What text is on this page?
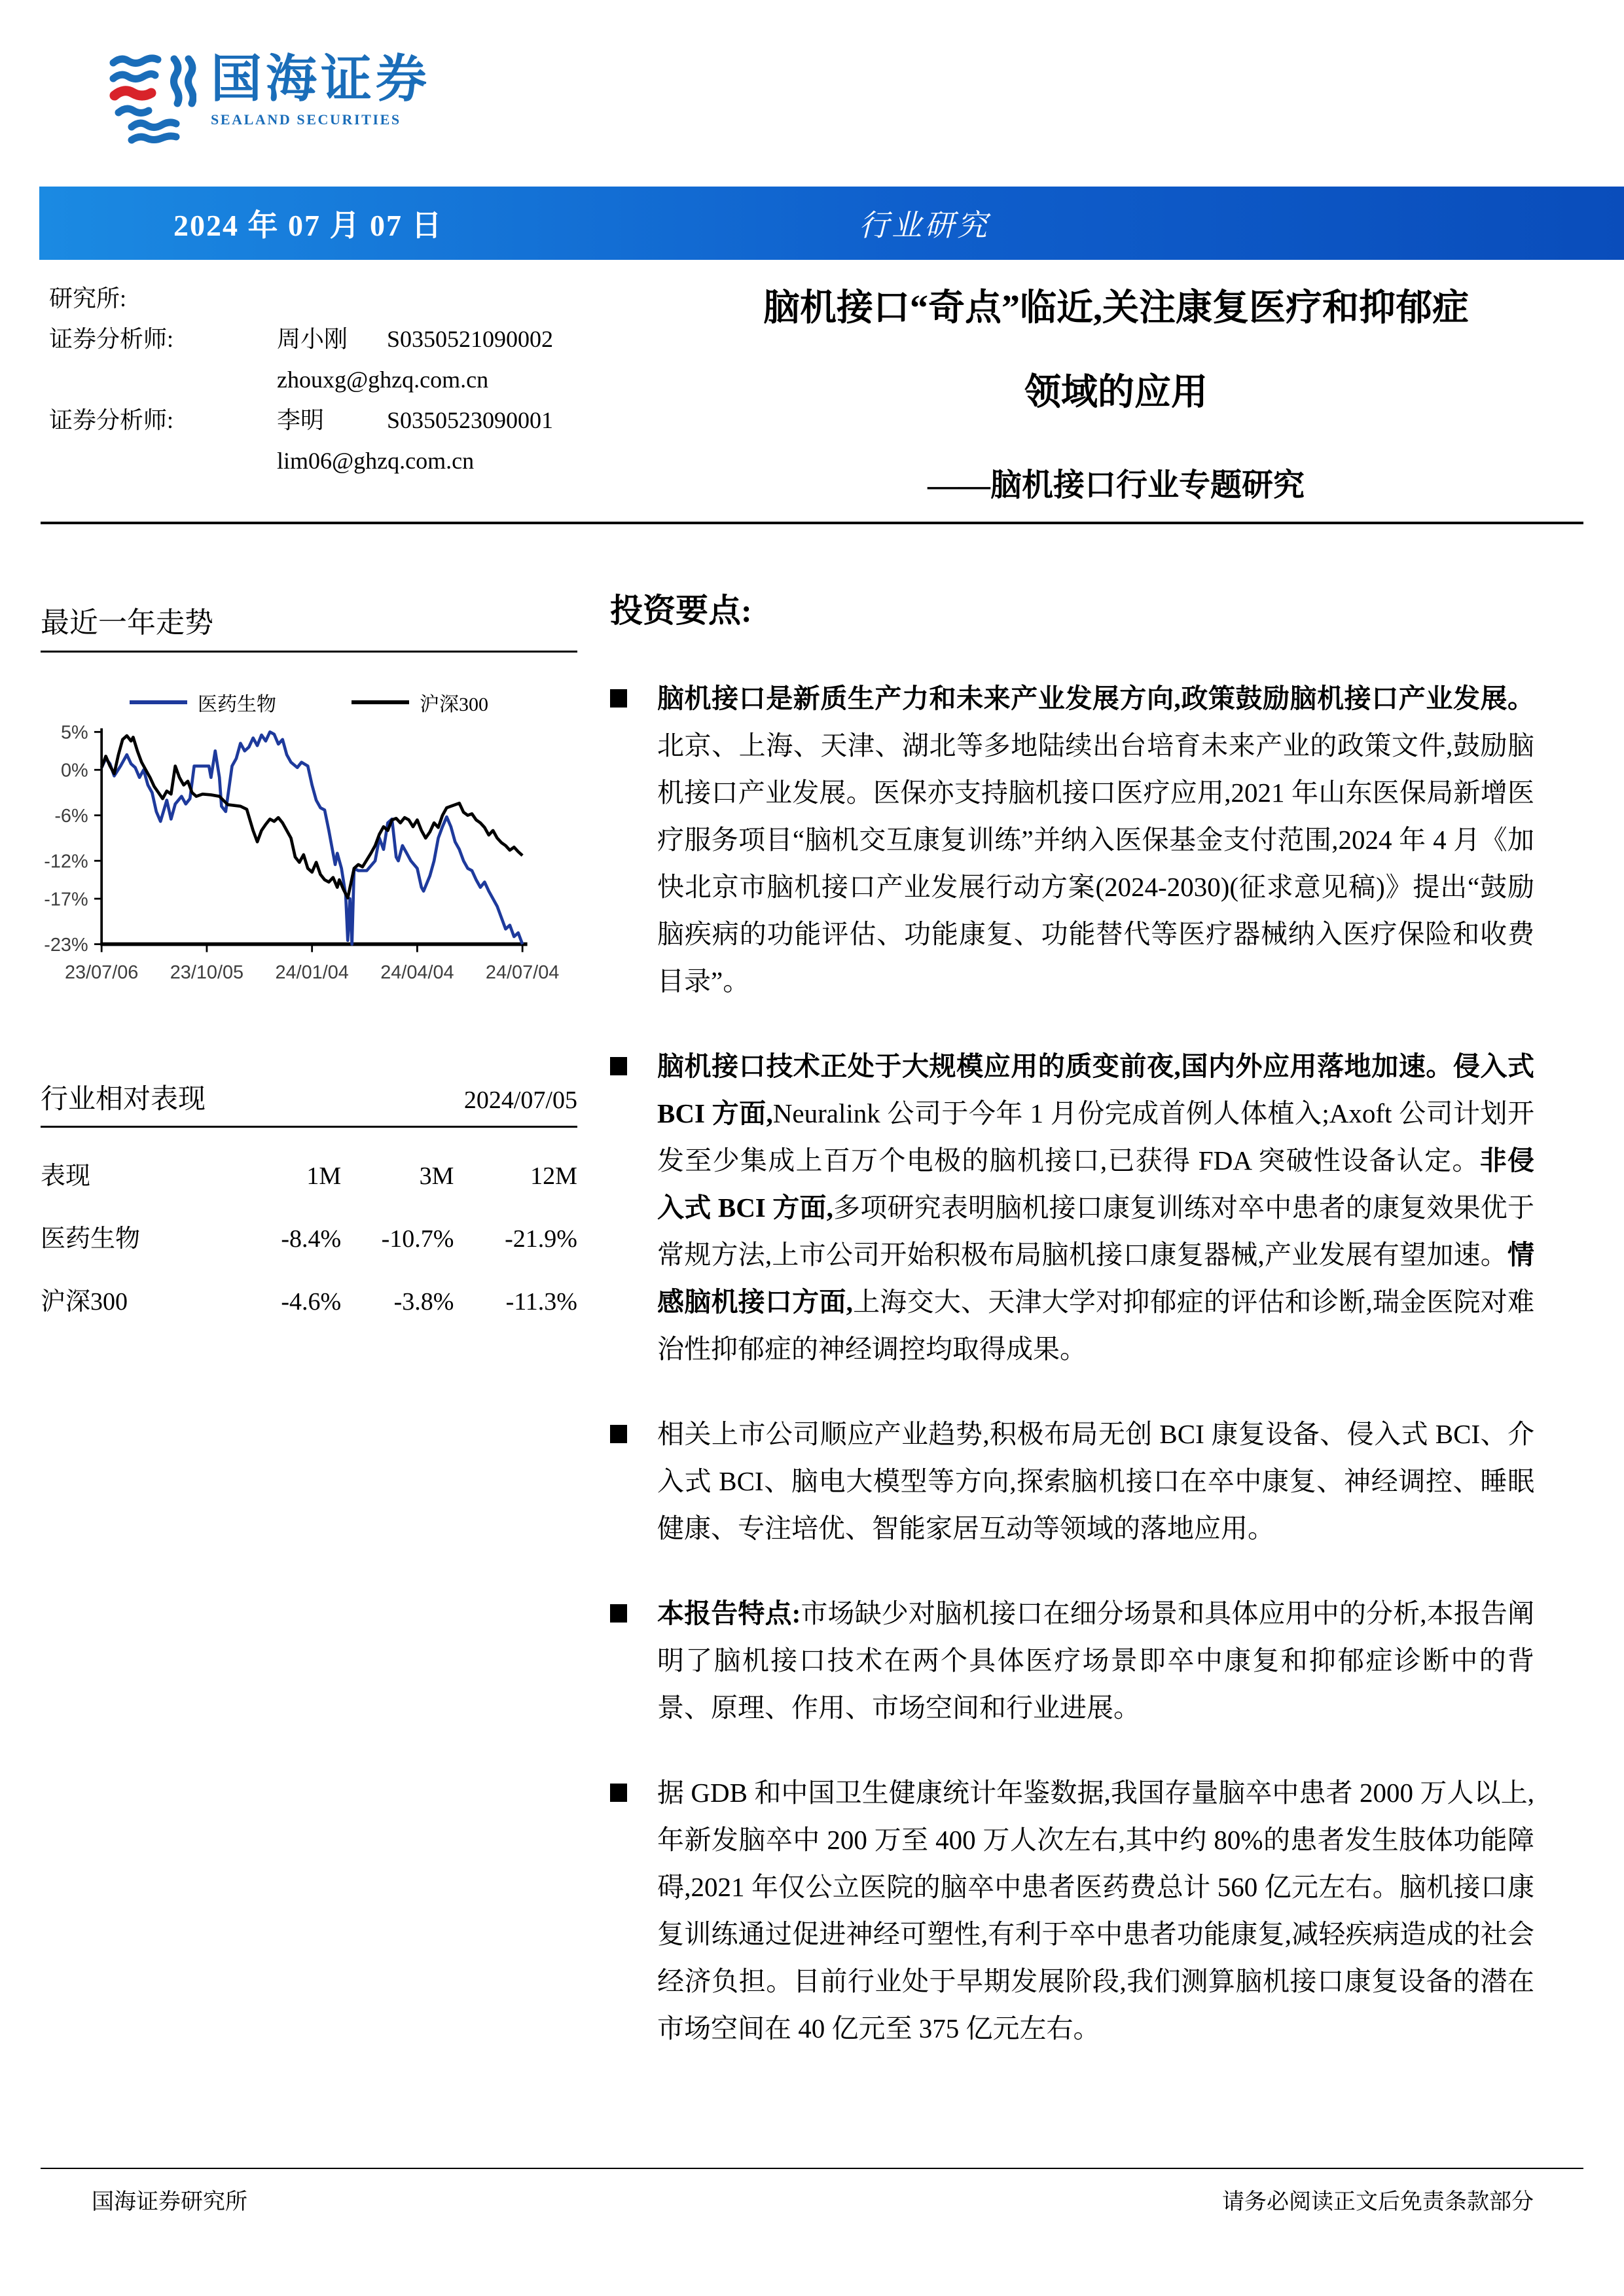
国海证券
SEALAND SECURITIES
2024 年 07 月 07 日	行业研究
研究所:
证券分析师:	周小刚	S0350521090002
zhouxg@ghzq.com.cn
证券分析师:	李明	S0350523090001
lim06@ghzq.com.cn
脑机接口“奇点”临近,关注康复医疗和抑郁症
领域的应用
——脑机接口行业专题研究
最近一年走势
医药生物	沪深300
5%
0%
-6%
-12%
-17%
-23%
23/07/06 23/10/05 24/01/04 24/04/04 24/07/04
行业相对表现	2024/07/05
表现	1M	3M	12M
医药生物	-8.4%	-10.7%	-21.9%
沪深300	-4.6%	-3.8%	-11.3%
投资要点:

脑机接口是新质生产力和未来产业发展方向,政策鼓励脑机接口产业发展。北京、上海、天津、湖北等多地陆续出台培育未来产业的政策文件,鼓励脑机接口产业发展。医保亦支持脑机接口医疗应用,2021 年山东医保局新增医疗服务项目“脑机交互康复训练”并纳入医保基金支付范围,2024 年 4 月《加快北京市脑机接口产业发展行动方案(2024-2030)(征求意见稿)》提出“鼓励脑疾病的功能评估、功能康复、功能替代等医疗器械纳入医疗保险和收费目录”。

脑机接口技术正处于大规模应用的质变前夜,国内外应用落地加速。侵入式 BCI 方面,Neuralink 公司于今年 1 月份完成首例人体植入;Axoft 公司计划开发至少集成上百万个电极的脑机接口,已获得 FDA 突破性设备认定。非侵入式 BCI 方面,多项研究表明脑机接口康复训练对卒中患者的康复效果优于常规方法,上市公司开始积极布局脑机接口康复器械,产业发展有望加速。情感脑机接口方面,上海交大、天津大学对抑郁症的评估和诊断,瑞金医院对难治性抑郁症的神经调控均取得成果。

相关上市公司顺应产业趋势,积极布局无创 BCI 康复设备、侵入式 BCI、介入式 BCI、脑电大模型等方向,探索脑机接口在卒中康复、神经调控、睡眠健康、专注培优、智能家居互动等领域的落地应用。

本报告特点:市场缺少对脑机接口在细分场景和具体应用中的分析,本报告阐明了脑机接口技术在两个具体医疗场景即卒中康复和抑郁症诊断中的背景、原理、作用、市场空间和行业进展。

据 GDB 和中国卫生健康统计年鉴数据,我国存量脑卒中患者 2000 万人以上,年新发脑卒中 200 万至 400 万人次左右,其中约 80%的患者发生肢体功能障碍,2021 年仅公立医院的脑卒中患者医药费总计 560 亿元左右。脑机接口康复训练通过促进神经可塑性,有利于卒中患者功能康复,减轻疾病造成的社会经济负担。目前行业处于早期发展阶段,我们测算脑机接口康复设备的潜在市场空间在 40 亿元至 375 亿元左右。

国海证券研究所	请务必阅读正文后免责条款部分
